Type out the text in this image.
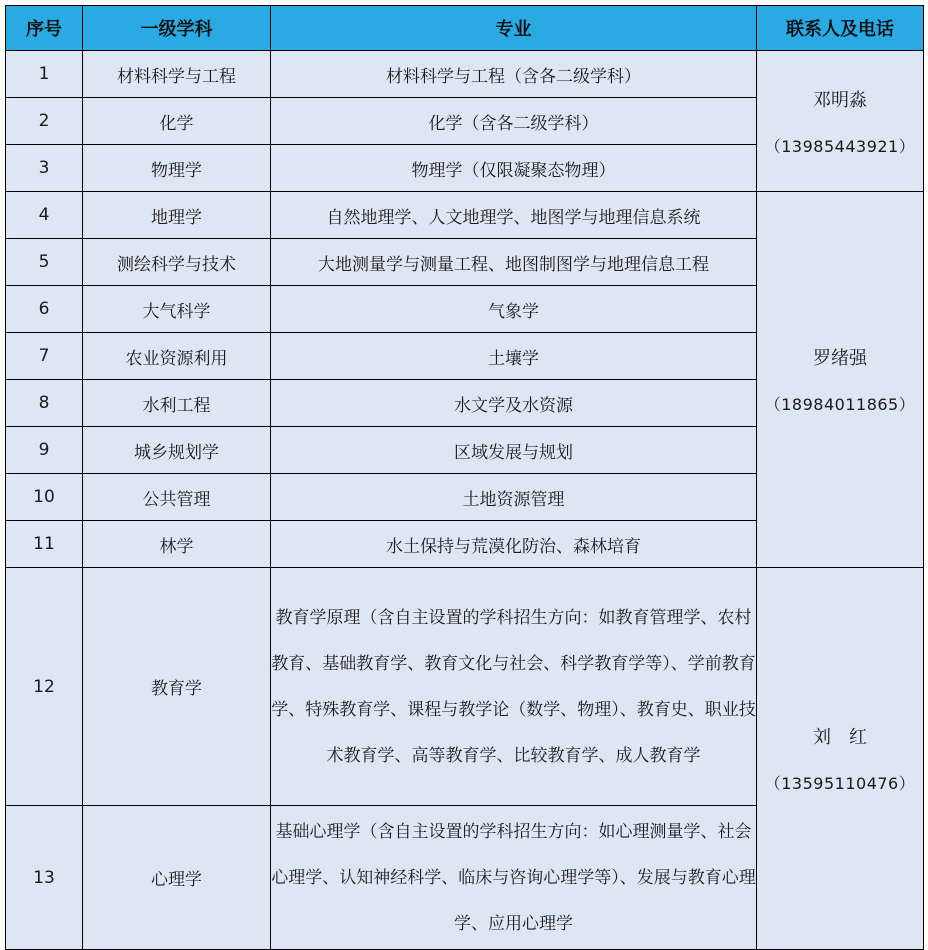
序号	一级学科	专业	联系人及电话
1	材料科学与工程	材料科学与工程（含各二级学科）	邓明淼
（13985443921）

2	化学	化学（含各二级学科）	
3	物理学	物理学（仅限凝聚态物理）	
4	地理学	自然地理学、人文地理学、地图学与地理信息系统	罗绪强
（18984011865）

5	测绘科学与技术	大地测量学与测量工程、地图制图学与地理信息工程	
6	大气科学	气象学	
7	农业资源利用	土壤学	
8	水利工程	水文学及水资源	
9	城乡规划学	区域发展与规划	
10	公共管理	土地资源管理	
11	林学	水土保持与荒漠化防治、森林培育	
12	教育学	教育学原理（含自主设置的学科招生方向：如教育管理学、农村教育、基础教育学、教育文化与社会、科学教育学等）、学前教育学、特殊教育学、课程与教学论（数学、物理）、教育史、职业技术教育学、高等教育学、比较教育学、成人教育学	刘　红
（13595110476）

13	心理学	基础心理学（含自主设置的学科招生方向：如心理测量学、社会心理学、认知神经科学、临床与咨询心理学等）、发展与教育心理学、应用心理学	
